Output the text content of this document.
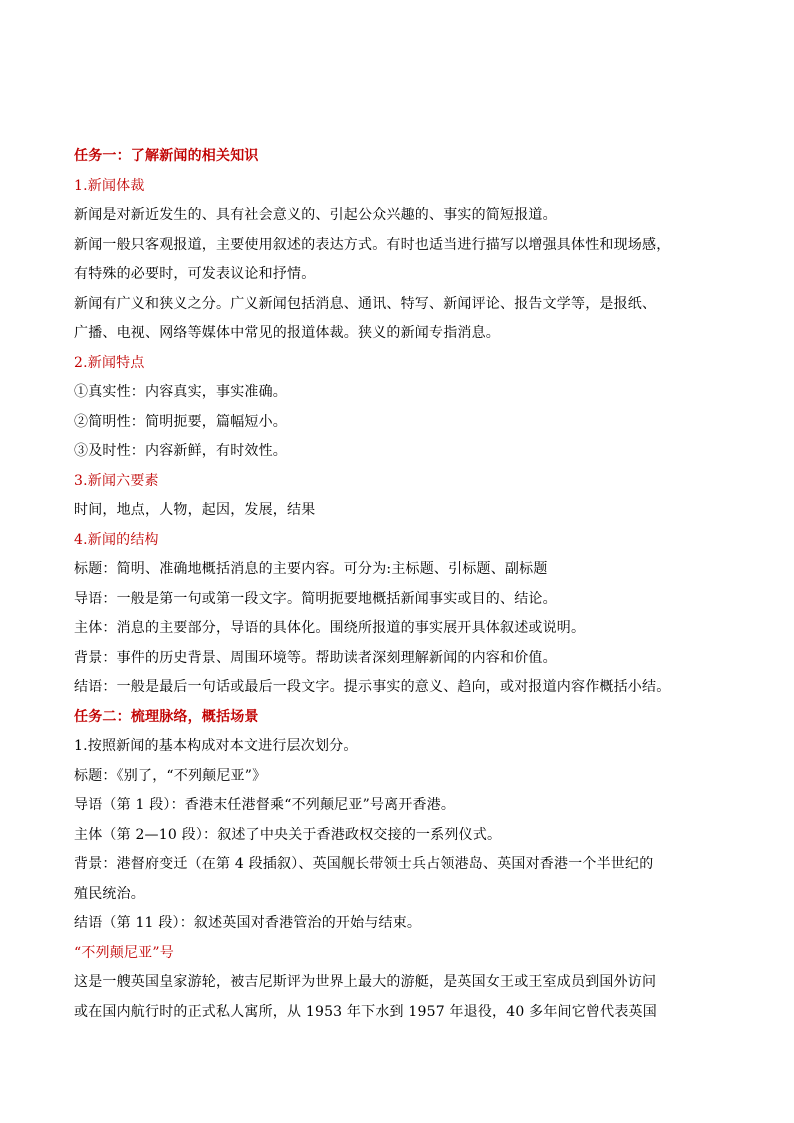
任务一：了解新闻的相关知识
1.新闻体裁
新闻是对新近发生的、具有社会意义的、引起公众兴趣的、事实的简短报道。
新闻一般只客观报道，主要使用叙述的表达方式。有时也适当进行描写以增强具体性和现场感，
有特殊的必要时，可发表议论和抒情。
新闻有广义和狭义之分。广义新闻包括消息、通讯、特写、新闻评论、报告文学等，是报纸、
广播、电视、网络等媒体中常见的报道体裁。狭义的新闻专指消息。
2.新闻特点
①真实性：内容真实，事实准确。
②简明性：简明扼要，篇幅短小。
③及时性：内容新鲜，有时效性。
3.新闻六要素
时间，地点，人物，起因，发展，结果
4.新闻的结构
标题：简明、准确地概括消息的主要内容。可分为:主标题、引标题、副标题
导语：一般是第一句或第一段文字。简明扼要地概括新闻事实或目的、结论。
主体：消息的主要部分，导语的具体化。围绕所报道的事实展开具体叙述或说明。
背景：事件的历史背景、周围环境等。帮助读者深刻理解新闻的内容和价值。
结语：一般是最后一句话或最后一段文字。提示事实的意义、趋向，或对报道内容作概括小结。
任务二：梳理脉络，概括场景
1.按照新闻的基本构成对本文进行层次划分。
标题：《别了，“不列颠尼亚”》
导语（第 1 段）：香港末任港督乘“不列颠尼亚”号离开香港。
主体（第 2—10 段）：叙述了中央关于香港政权交接的一系列仪式。
背景：港督府变迁（在第 4 段插叙）、英国舰长带领士兵占领港岛、英国对香港一个半世纪的
殖民统治。
结语（第 11 段）：叙述英国对香港管治的开始与结束。
“不列颠尼亚”号
这是一艘英国皇家游轮，被吉尼斯评为世界上最大的游艇，是英国女王或王室成员到国外访问
或在国内航行时的正式私人寓所，从 1953 年下水到 1957 年退役，40 多年间它曾代表英国
